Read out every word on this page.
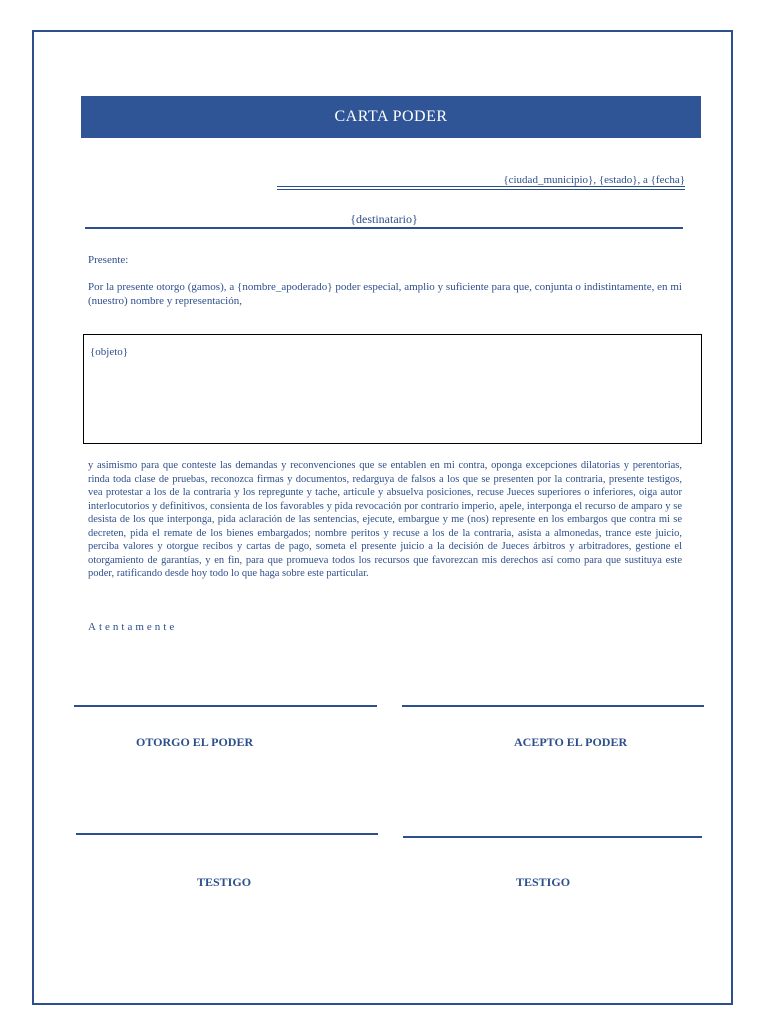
CARTA PODER
{ciudad_municipio}, {estado}, a {fecha}
{destinatario}
Presente:
Por la presente otorgo (gamos), a {nombre_apoderado} poder especial, amplio y suficiente para que, conjunta o indistintamente, en mi (nuestro) nombre y representación,
{objeto}
y asimismo para que conteste las demandas y reconvenciones que se entablen en mi contra, oponga excepciones dilatorias y perentorias, rinda toda clase de pruebas, reconozca firmas y documentos, redarguya de falsos a los que se presenten por la contraria, presente testigos, vea protestar a los de la contraria y los repregunte y tache, articule y absuelva posiciones, recuse Jueces superiores o inferiores, oiga autor interlocutorios y definitivos, consienta de los favorables y pida revocación por contrario imperio, apele, interponga el recurso de amparo y se desista de los que interponga, pida aclaración de las sentencias, ejecute, embargue y me (nos) represente en los embargos que contra mi se decreten, pida el remate de los bienes embargados; nombre peritos y recuse a los de la contraria, asista a almonedas, trance este juicio, perciba valores y otorgue recibos y cartas de pago, someta el presente juicio a la decisión de Jueces árbitros y arbitradores, gestione el otorgamiento de garantías, y en fin, para que promueva todos los recursos que favorezcan mis derechos así como para que sustituya este poder, ratificando desde hoy todo lo que haga sobre este particular.
Atentamente
OTORGO EL PODER	ACEPTO EL PODER
TESTIGO	TESTIGO
